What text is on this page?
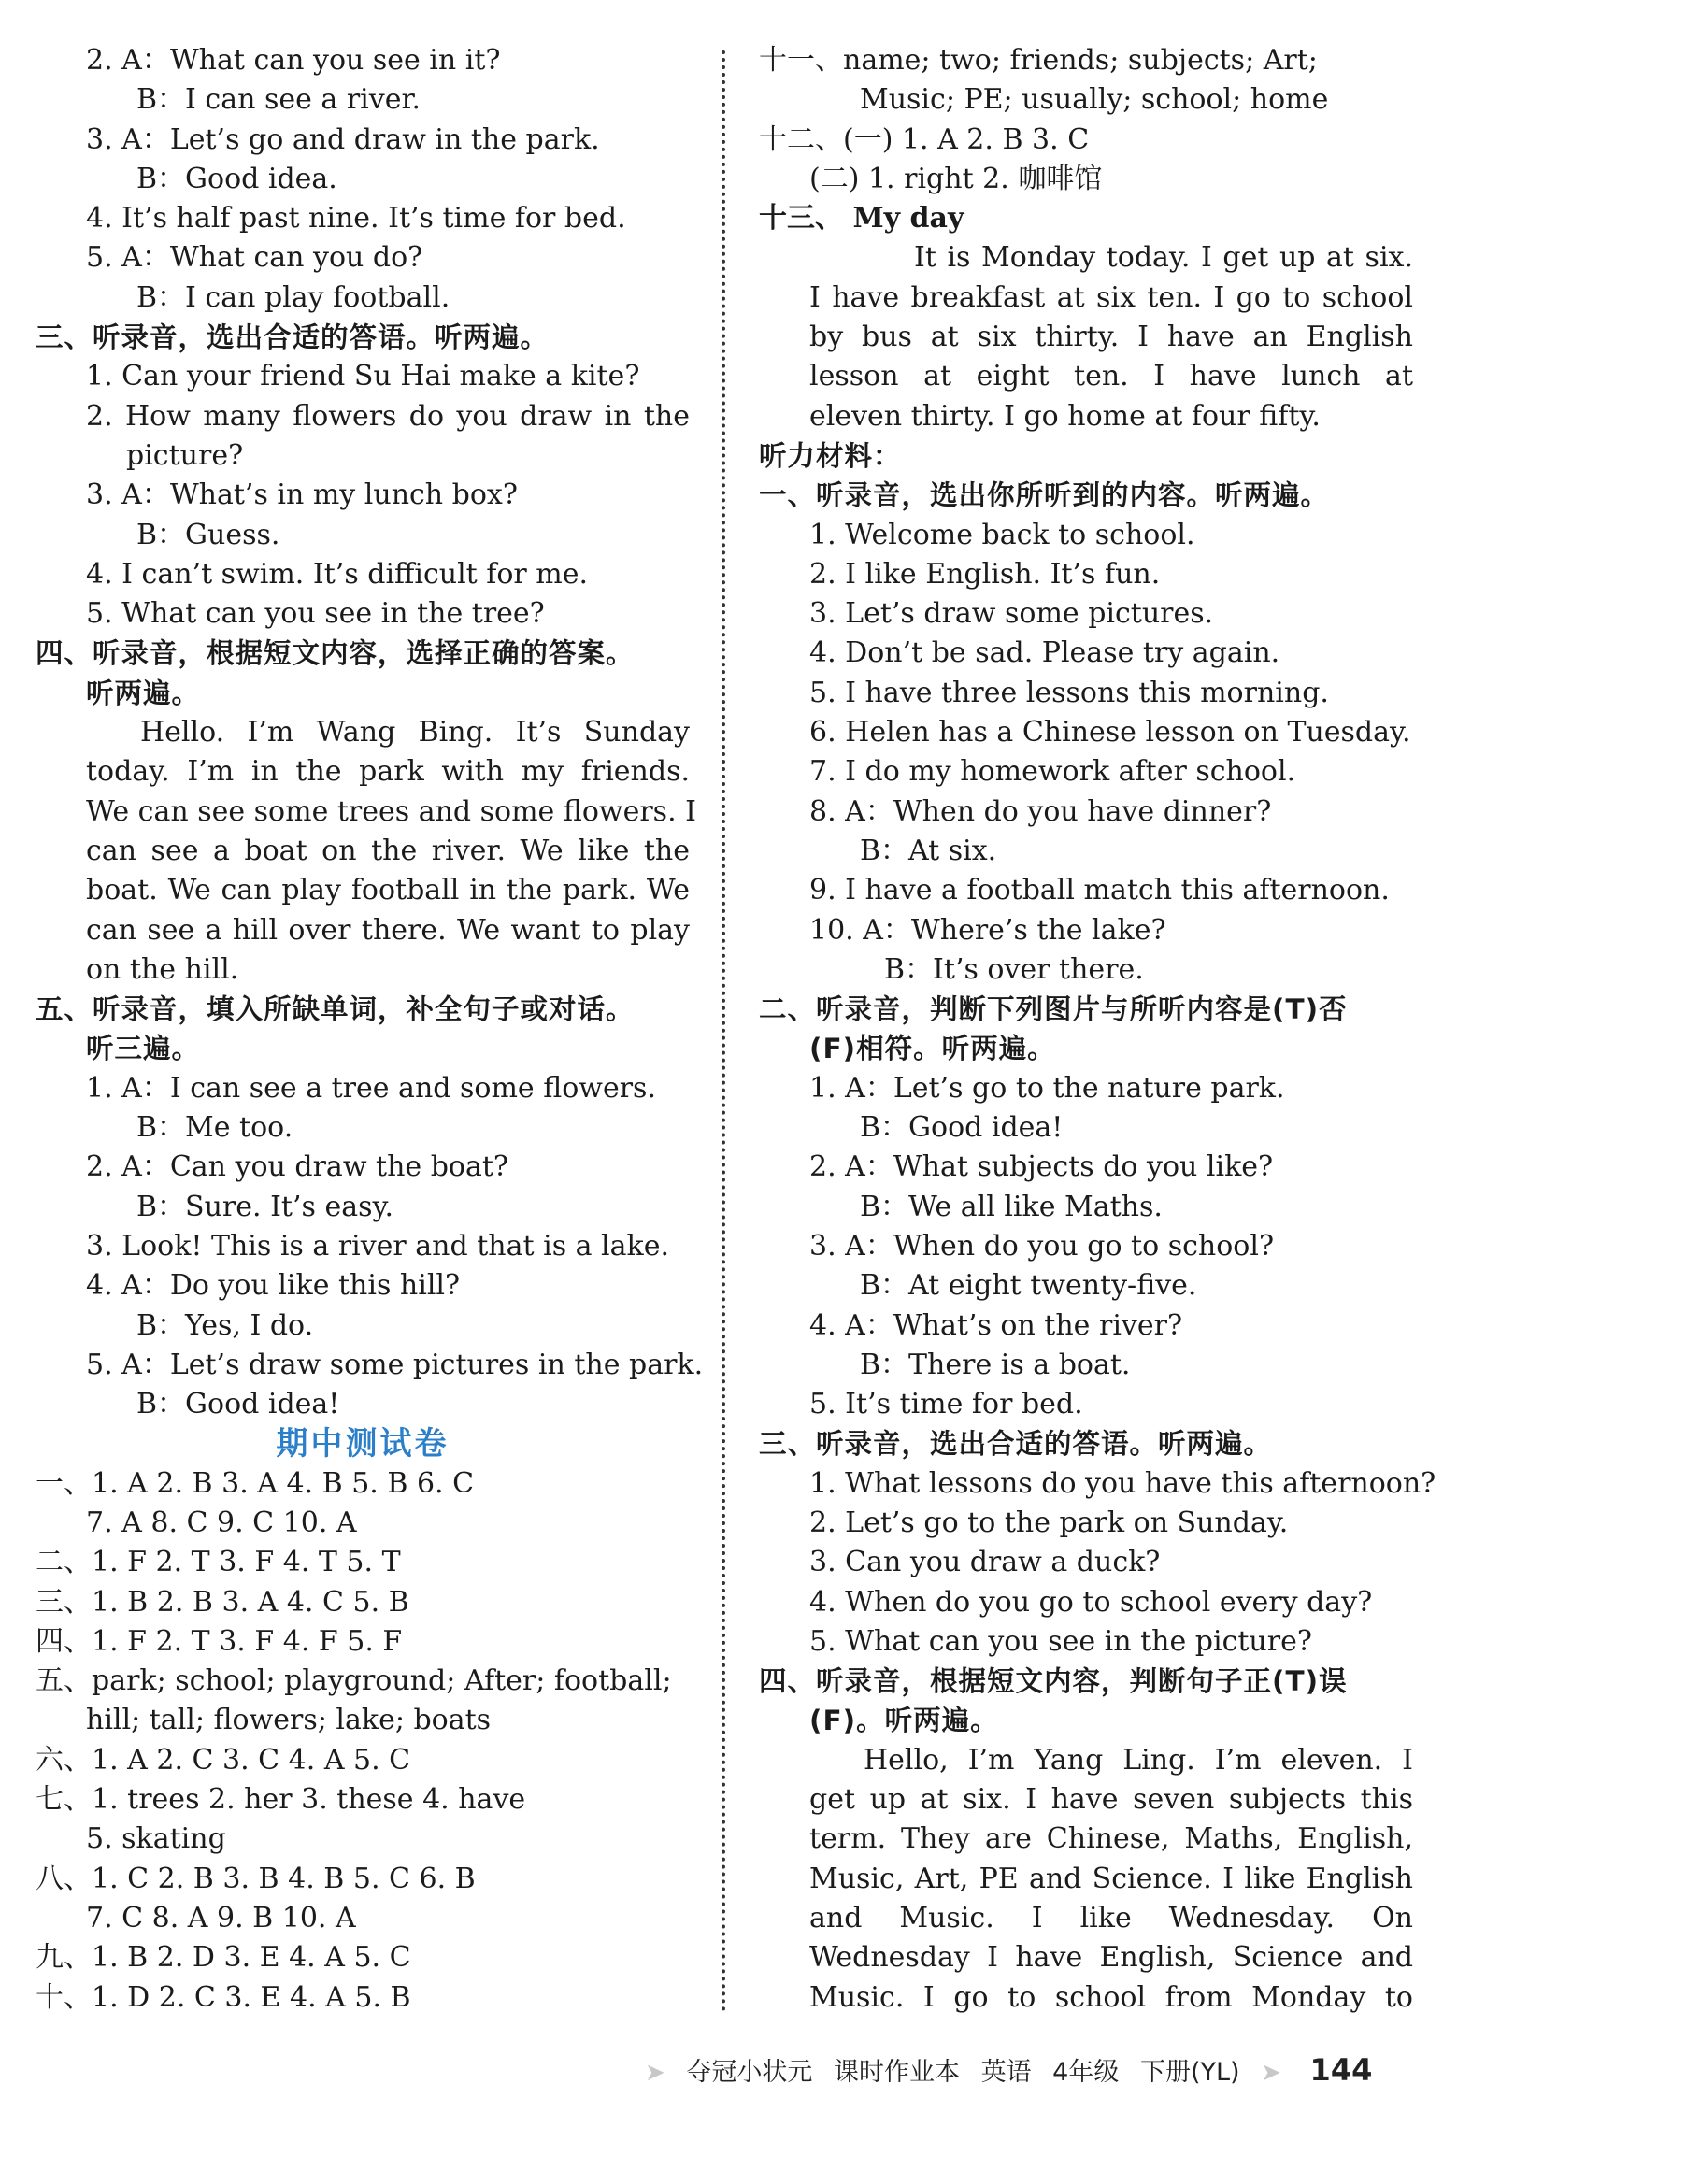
2. A：What can you see in it?
B：I can see a river.
3. A：Let’s go and draw in the park.
B：Good idea.
4. It’s half past nine. It’s time for bed.
5. A：What can you do?
B：I can play football.
三、听录音，选出合适的答语。听两遍。
1. Can your friend Su Hai make a kite?
2. How many flowers do you draw in the
picture?
3. A：What’s in my lunch box?
B：Guess.
4. I can’t swim. It’s difficult for me.
5. What can you see in the tree?
四、听录音，根据短文内容，选择正确的答案。
听两遍。
Hello. I’m Wang Bing. It’s Sunday
today. I’m in the park with my friends.
We can see some trees and some flowers. I
can see a boat on the river. We like the
boat. We can play football in the park. We
can see a hill over there. We want to play
on the hill.
五、听录音，填入所缺单词，补全句子或对话。
听三遍。
1. A：I can see a tree and some flowers.
B：Me too.
2. A：Can you draw the boat?
B：Sure. It’s easy.
3. Look! This is a river and that is a lake.
4. A：Do you like this hill?
B：Yes, I do.
5. A：Let’s draw some pictures in the park.
B：Good idea!
期中测试卷
一、1. A 2. B 3. A 4. B 5. B 6. C
7. A 8. C 9. C 10. A
二、1. F 2. T 3. F 4. T 5. T
三、1. B 2. B 3. A 4. C 5. B
四、1. F 2. T 3. F 4. F 5. F
五、park; school; playground; After; football;
hill; tall; flowers; lake; boats
六、1. A 2. C 3. C 4. A 5. C
七、1. trees 2. her 3. these 4. have
5. skating
八、1. C 2. B 3. B 4. B 5. C 6. B
7. C 8. A 9. B 10. A
九、1. B 2. D 3. E 4. A 5. C
十、1. D 2. C 3. E 4. A 5. B
十一、name; two; friends; subjects; Art;
Music; PE; usually; school; home
十二、(一) 1. A 2. B 3. C
(二) 1. right 2. 咖啡馆
十三、 My day
It is Monday today. I get up at six.
I have breakfast at six ten. I go to school
by bus at six thirty. I have an English
lesson at eight ten. I have lunch at
eleven thirty. I go home at four fifty.
听力材料：
一、听录音，选出你所听到的内容。听两遍。
1. Welcome back to school.
2. I like English. It’s fun.
3. Let’s draw some pictures.
4. Don’t be sad. Please try again.
5. I have three lessons this morning.
6. Helen has a Chinese lesson on Tuesday.
7. I do my homework after school.
8. A：When do you have dinner?
B：At six.
9. I have a football match this afternoon.
10. A：Where’s the lake?
B：It’s over there.
二、听录音，判断下列图片与所听内容是(T)否
(F)相符。听两遍。
1. A：Let’s go to the nature park.
B：Good idea!
2. A：What subjects do you like?
B：We all like Maths.
3. A：When do you go to school?
B：At eight twenty-five.
4. A：What’s on the river?
B：There is a boat.
5. It’s time for bed.
三、听录音，选出合适的答语。听两遍。
1. What lessons do you have this afternoon?
2. Let’s go to the park on Sunday.
3. Can you draw a duck?
4. When do you go to school every day?
5. What can you see in the picture?
四、听录音，根据短文内容，判断句子正(T)误
(F)。听两遍。
Hello, I’m Yang Ling. I’m eleven. I
get up at six. I have seven subjects this
term. They are Chinese, Maths, English,
Music, Art, PE and Science. I like English
and Music. I like Wednesday. On
Wednesday I have English, Science and
Music. I go to school from Monday to
➤ 夺冠小状元 课时作业本 英语 4年级 下册(YL) ➤ 144
